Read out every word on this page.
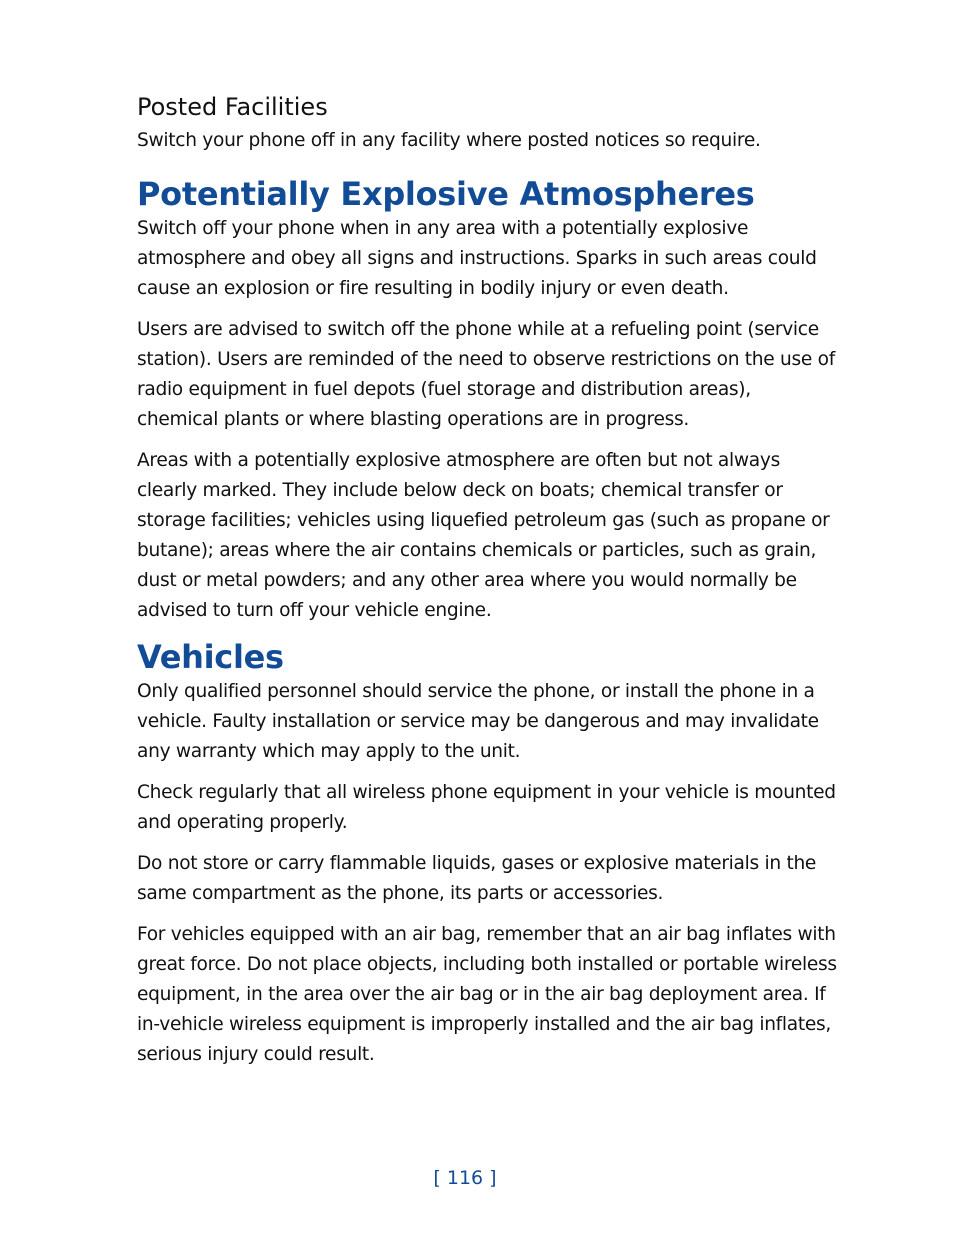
Posted Facilities

Switch your phone off in any facility where posted notices so require.

Potentially Explosive Atmospheres

Switch off your phone when in any area with a potentially explosive atmosphere and obey all signs and instructions. Sparks in such areas could cause an explosion or fire resulting in bodily injury or even death.

Users are advised to switch off the phone while at a refueling point (service station). Users are reminded of the need to observe restrictions on the use of radio equipment in fuel depots (fuel storage and distribution areas), chemical plants or where blasting operations are in progress.

Areas with a potentially explosive atmosphere are often but not always clearly marked. They include below deck on boats; chemical transfer or storage facilities; vehicles using liquefied petroleum gas (such as propane or butane); areas where the air contains chemicals or particles, such as grain, dust or metal powders; and any other area where you would normally be advised to turn off your vehicle engine.

Vehicles

Only qualified personnel should service the phone, or install the phone in a vehicle. Faulty installation or service may be dangerous and may invalidate any warranty which may apply to the unit.

Check regularly that all wireless phone equipment in your vehicle is mounted and operating properly.

Do not store or carry flammable liquids, gases or explosive materials in the same compartment as the phone, its parts or accessories.

For vehicles equipped with an air bag, remember that an air bag inflates with great force. Do not place objects, including both installed or portable wireless equipment, in the area over the air bag or in the air bag deployment area. If in-vehicle wireless equipment is improperly installed and the air bag inflates, serious injury could result.

[ 116 ]
